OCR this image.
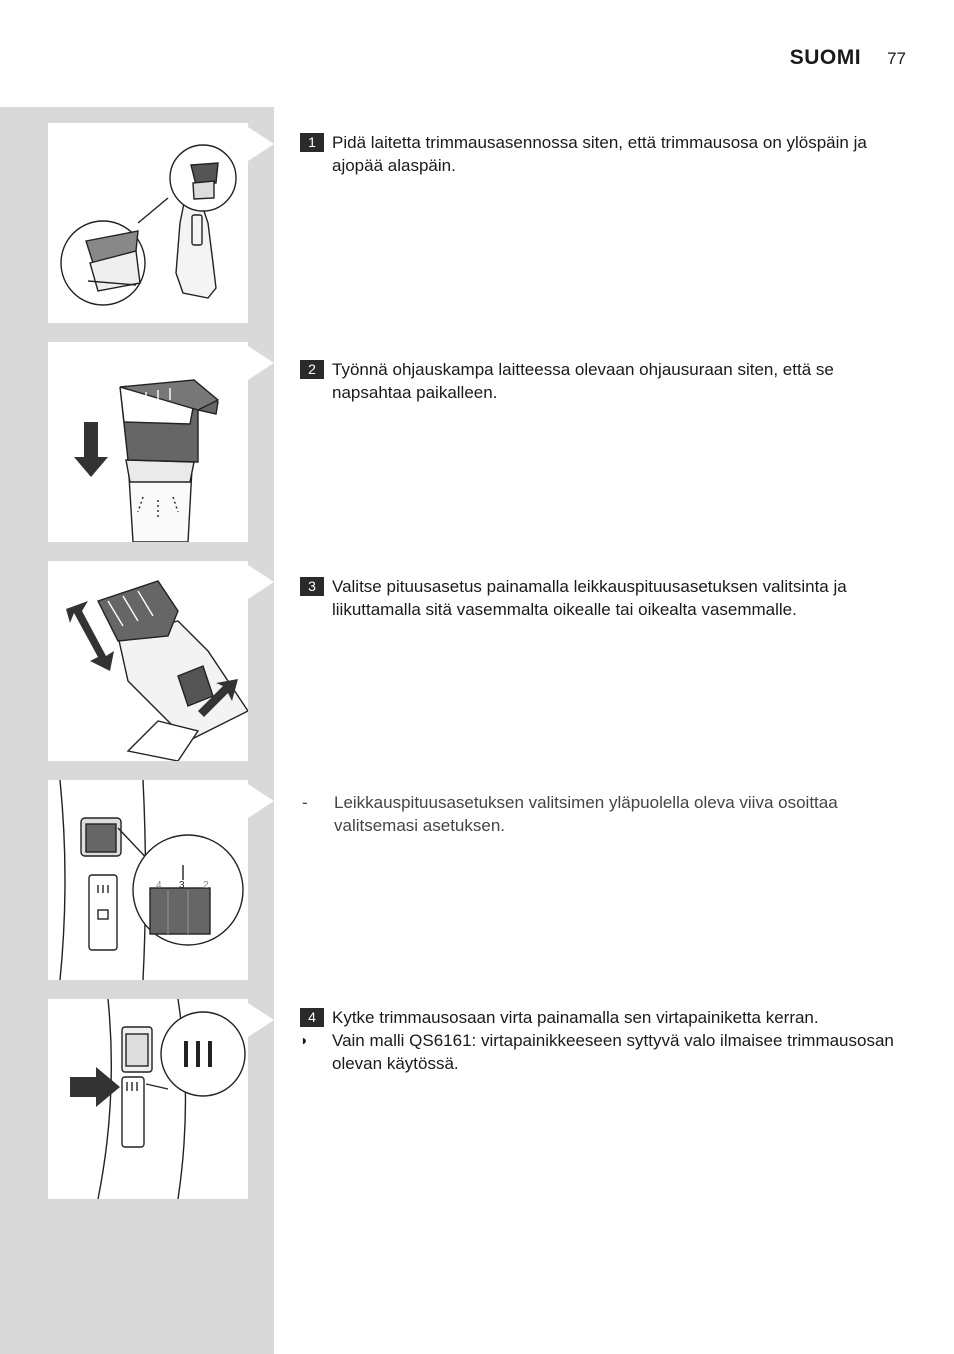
SUOMI 77
4 3 2
1 Pidä laitetta trimmausasennossa siten, että trimmausosa on ylöspäin ja ajopää alaspäin.
2 Työnnä ohjauskampa laitteessa olevaan ohjausuraan siten, että se napsahtaa paikalleen.
3 Valitse pituusasetus painamalla leikkauspituusasetuksen valitsinta ja liikuttamalla sitä vasemmalta oikealle tai oikealta vasemmalle.
-	Leikkauspituusasetuksen valitsimen yläpuolella oleva viiva osoittaa valitsemasi asetuksen.
4 Kytke trimmausosaan virta painamalla sen virtapainiketta kerran.
◗	Vain malli QS6161: virtapainikkeeseen syttyvä valo ilmaisee trimmausosan olevan käytössä.
